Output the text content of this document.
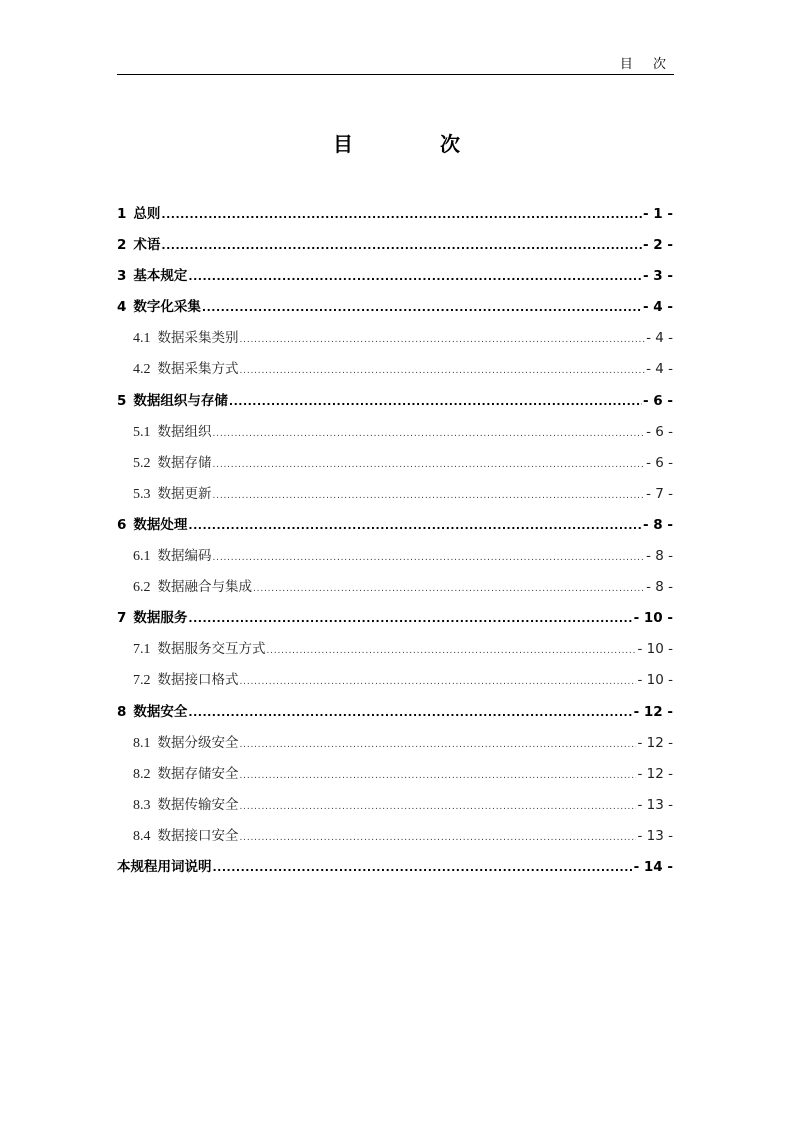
目 次
目 次
1 总则 .....	- 1 -
2 术语 .....	- 2 -
3 基本规定 .....	- 3 -
4 数字化采集 .....	- 4 -
4.1 数据采集类别 .....	- 4 -
4.2 数据采集方式 .....	- 4 -
5 数据组织与存储 .....	- 6 -
5.1 数据组织 .....	- 6 -
5.2 数据存储 .....	- 6 -
5.3 数据更新 .....	- 7 -
6 数据处理 .....	- 8 -
6.1 数据编码 .....	- 8 -
6.2 数据融合与集成 .....	- 8 -
7 数据服务 .....	- 10 -
7.1 数据服务交互方式 .....	- 10 -
7.2 数据接口格式 .....	- 10 -
8 数据安全 .....	- 12 -
8.1 数据分级安全 .....	- 12 -
8.2 数据存储安全 .....	- 12 -
8.3 数据传输安全 .....	- 13 -
8.4 数据接口安全 .....	- 13 -
本规程用词说明 .....	- 14 -
